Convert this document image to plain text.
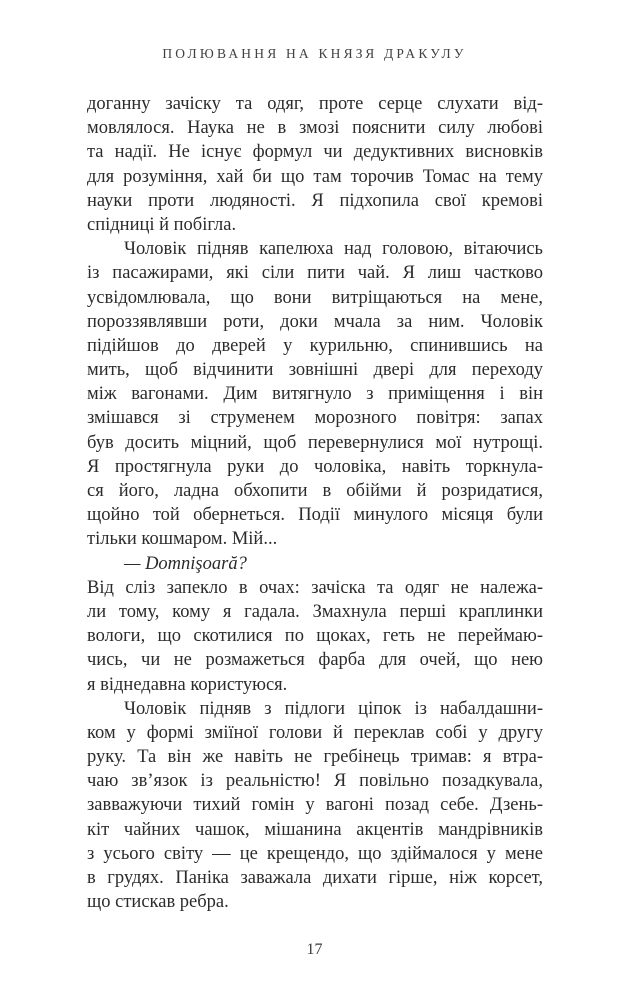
ПОЛЮВАННЯ НА КНЯЗЯ ДРАКУЛУ
доганну зачіску та одяг, проте серце слухати від-
мовлялося. Наука не в змозі пояснити силу любові
та надії. Не існує формул чи дедуктивних висновків
для розуміння, хай би що там торочив Томас на тему
науки проти людяності. Я підхопила свої кремові
спідниці й побігла.
Чоловік підняв капелюха над головою, вітаючись
із пасажирами, які сіли пити чай. Я лиш частково
усвідомлювала, що вони витріщаються на мене,
пороззявлявши роти, доки мчала за ним. Чоловік
підійшов до дверей у курильню, спинившись на
мить, щоб відчинити зовнішні двері для переходу
між вагонами. Дим витягнуло з приміщення і він
змішався зі струменем морозного повітря: запах
був досить міцний, щоб перевернулися мої нутрощі.
Я простягнула руки до чоловіка, навіть торкнула-
ся його, ладна обхопити в обійми й розридатися,
щойно той обернеться. Події минулого місяця були
тільки кошмаром. Мій...
— Domnişoară?
Від сліз запекло в очах: зачіска та одяг не належа-
ли тому, кому я гадала. Змахнула перші краплинки
вологи, що скотилися по щоках, геть не переймаю-
чись, чи не розмажеться фарба для очей, що нею
я віднедавна користуюся.
Чоловік підняв з підлоги ціпок із набалдашни-
ком у формі зміїної голови й переклав собі у другу
руку. Та він же навіть не гребінець тримав: я втра-
чаю зв’язок із реальністю! Я повільно позадкувала,
завважуючи тихий гомін у вагоні позад себе. Дзень-
кіт чайних чашок, мішанина акцентів мандрівників
з усього світу — це крещендо, що здіймалося у мене
в грудях. Паніка заважала дихати гірше, ніж корсет,
що стискав ребра.
17
